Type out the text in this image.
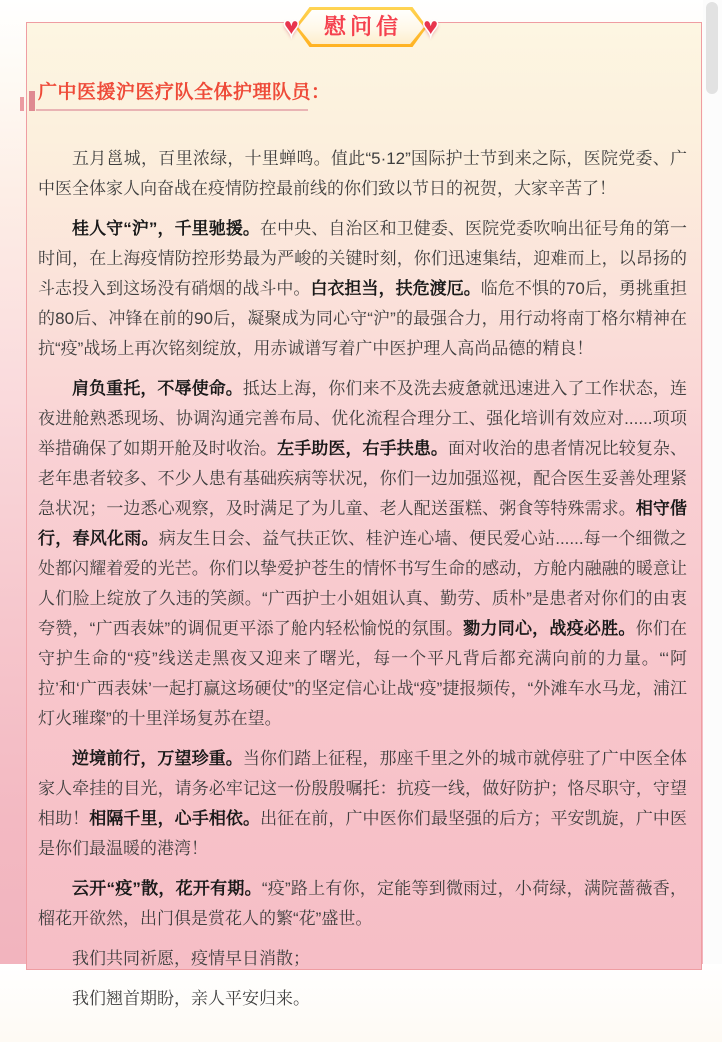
广中医援沪医疗队全体护理队员：

五月邕城，百里浓绿，十里蝉鸣。值此“5·12”国际护士节到来之际，医院党委、广中医全体家人向奋战在疫情防控最前线的你们致以节日的祝贺，大家辛苦了！

桂人守“沪”，千里驰援。在中央、自治区和卫健委、医院党委吹响出征号角的第一时间，在上海疫情防控形势最为严峻的关键时刻，你们迅速集结，迎难而上，以昂扬的斗志投入到这场没有硝烟的战斗中。白衣担当，扶危渡厄。临危不惧的70后，勇挑重担的80后、冲锋在前的90后，凝聚成为同心守“沪”的最强合力，用行动将南丁格尔精神在抗“疫”战场上再次铭刻绽放，用赤诚谱写着广中医护理人高尚品德的精良！

肩负重托，不辱使命。抵达上海，你们来不及洗去疲惫就迅速进入了工作状态，连夜进舱熟悉现场、协调沟通完善布局、优化流程合理分工、强化培训有效应对......项项举措确保了如期开舱及时收治。左手助医，右手扶患。面对收治的患者情况比较复杂、老年患者较多、不少人患有基础疾病等状况，你们一边加强巡视，配合医生妥善处理紧急状况；一边悉心观察，及时满足了为儿童、老人配送蛋糕、粥食等特殊需求。相守偕行，春风化雨。病友生日会、益气扶正饮、桂沪连心墙、便民爱心站......每一个细微之处都闪耀着爱的光芒。你们以挚爱护苍生的情怀书写生命的感动，方舱内融融的暖意让人们脸上绽放了久违的笑颜。“广西护士小姐姐认真、勤劳、质朴”是患者对你们的由衷夸赞，“广西表妹”的调侃更平添了舱内轻松愉悦的氛围。勠力同心，战疫必胜。你们在守护生命的“疫”线送走黑夜又迎来了曙光，每一个平凡背后都充满向前的力量。“‘阿拉’和‘广西表妹’一起打赢这场硬仗”的坚定信心让战“疫”捷报频传，“外滩车水马龙，浦江灯火璀璨”的十里洋场复苏在望。

逆境前行，万望珍重。当你们踏上征程，那座千里之外的城市就停驻了广中医全体家人牵挂的目光，请务必牢记这一份殷殷嘱托：抗疫一线，做好防护；恪尽职守，守望相助！相隔千里，心手相依。出征在前，广中医你们最坚强的后方；平安凯旋，广中医是你们最温暖的港湾！

云开“疫”散，花开有期。“疫”路上有你，定能等到微雨过，小荷绿，满院蔷薇香，榴花开欲然，出门俱是赏花人的繁“花”盛世。

我们共同祈愿，疫情早日消散；

我们翘首期盼，亲人平安归来。

慰问信
♥	♥
